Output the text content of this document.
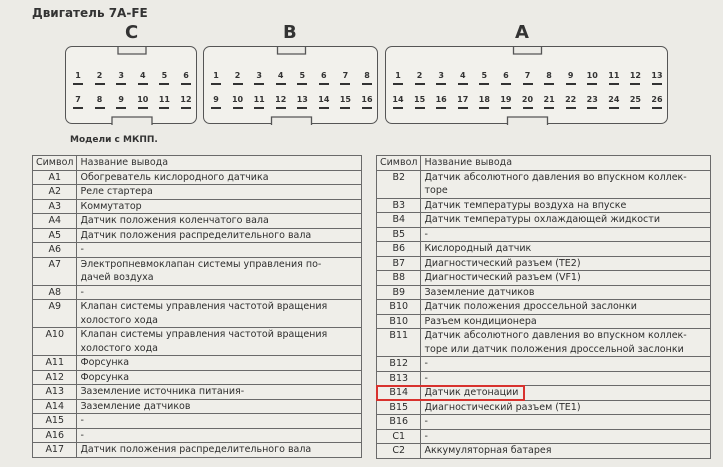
Двигатель 7A-FE
C	B	A
1	2	3	4	5	6
7	8	9	10	11	12
1	2	3	4	5	6	7	8
9	10	11	12	13	14	15	16
1	2	3	4	5	6	7	8	9	10	11	12	13
14	15	16	17	18	19	20	21	22	23	24	25	26
Модели с МКПП.
Символ	Название вывода
A1	Обогреватель кислородного датчика
A2	Реле стартера
A3	Коммутатор
A4	Датчик положения коленчатого вала
A5	Датчик положения распределительного вала
A6	-
A7	Электропневмоклапан системы управления по-
дачей воздуха
A8	-
A9	Клапан системы управления частотой вращения
холостого хода
A10	Клапан системы управления частотой вращения
холостого хода
A11	Форсунка
A12	Форсунка
A13	Заземление источника питания-
A14	Заземление датчиков
A15	-
A16	-
A17	Датчик положения распределительного вала
Символ	Название вывода
B2	Датчик абсолютного давления во впускном коллек-
торе
B3	Датчик температуры воздуха на впуске
B4	Датчик температуры охлаждающей жидкости
B5	-
B6	Кислородный датчик
B7	Диагностический разъем (TE2)
B8	Диагностический разъем (VF1)
B9	Заземление датчиков
B10	Датчик положения дроссельной заслонки
B10	Разъем кондиционера
B11	Датчик абсолютного давления во впускном коллек-
торе или датчик положения дроссельной заслонки
B12	-
B13	-
B14	Датчик детонации
B15	Диагностический разъем (TE1)
B16	-
C1	-
C2	Аккумуляторная батарея
